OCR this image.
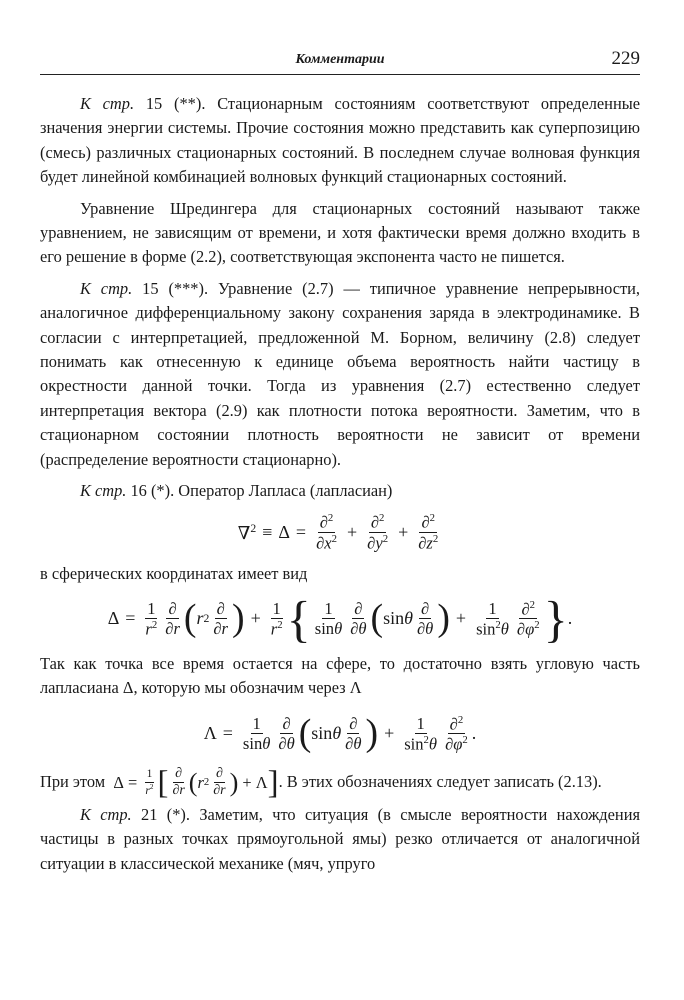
Комментарии	229

К стр. 15 (**). Стационарным состояниям соответствуют определенные значения энергии системы. Прочие состояния можно представить как суперпозицию (смесь) различных стационарных состояний. В последнем случае волновая функция будет линейной комбинацией волновых функций стационарных состояний.

Уравнение Шредингера для стационарных состояний называют также уравнением, не зависящим от времени, и хотя фактически время должно входить в его решение в форме (2.2), соответствующая экспонента часто не пишется.

К стр. 15 (***). Уравнение (2.7) — типичное уравнение непрерывности, аналогичное дифференциальному закону сохранения заряда в электродинамике. В согласии с интерпретацией, предложенной М. Борном, величину (2.8) следует понимать как отнесенную к единице объема вероятность найти частицу в окрестности данной точки. Тогда из уравнения (2.7) естественно следует интерпретация вектора (2.9) как плотности потока вероятности. Заметим, что в стационарном состоянии плотность вероятности не зависит от времени (распределение вероятности стационарно).

К стр. 16 (*). Оператор Лапласа (лапласиан)

$\nabla^2 \equiv \Delta = \frac{\partial^2}{\partial x^2} + \frac{\partial^2}{\partial y^2} + \frac{\partial^2}{\partial z^2}$

в сферических координатах имеет вид

$\Delta = \frac{1}{r^2} \frac{\partial}{\partial r}$ ( r $2 \frac{\partial}{\partial r}$ ) + $\frac{1}{r^2}$ { $\frac{1}{\sin\theta} \frac{\partial}{\partial\theta}$ ( sin θ $\frac{\partial}{\partial\theta}$ ) + $\frac{1}{\sin^2\theta} \frac{\partial^2}{\partial\varphi^2}$ } .

Так как точка все время остается на сфере, то достаточно взять угловую часть лапласиана Δ, которую мы обозначим через Λ

$\Lambda = \frac{1}{\sin\theta} \frac{\partial}{\partial\theta}$ ( sin θ $\frac{\partial}{\partial\theta}$ ) + $\frac{1}{\sin^2\theta} \frac{\partial^2}{\partial\varphi^2}$ .

При этом  $\Delta = \frac{1}{r^2}$ [ $\frac{\partial}{\partial r}$ ( r $2 \frac{\partial}{\partial r}$ ) + Λ ] . В этих обозначениях следует записать (2.13).

К стр. 21 (*). Заметим, что ситуация (в смысле вероятности нахождения частицы в разных точках прямоугольной ямы) резко отличается от аналогичной ситуации в классической механике (мяч, упруго
